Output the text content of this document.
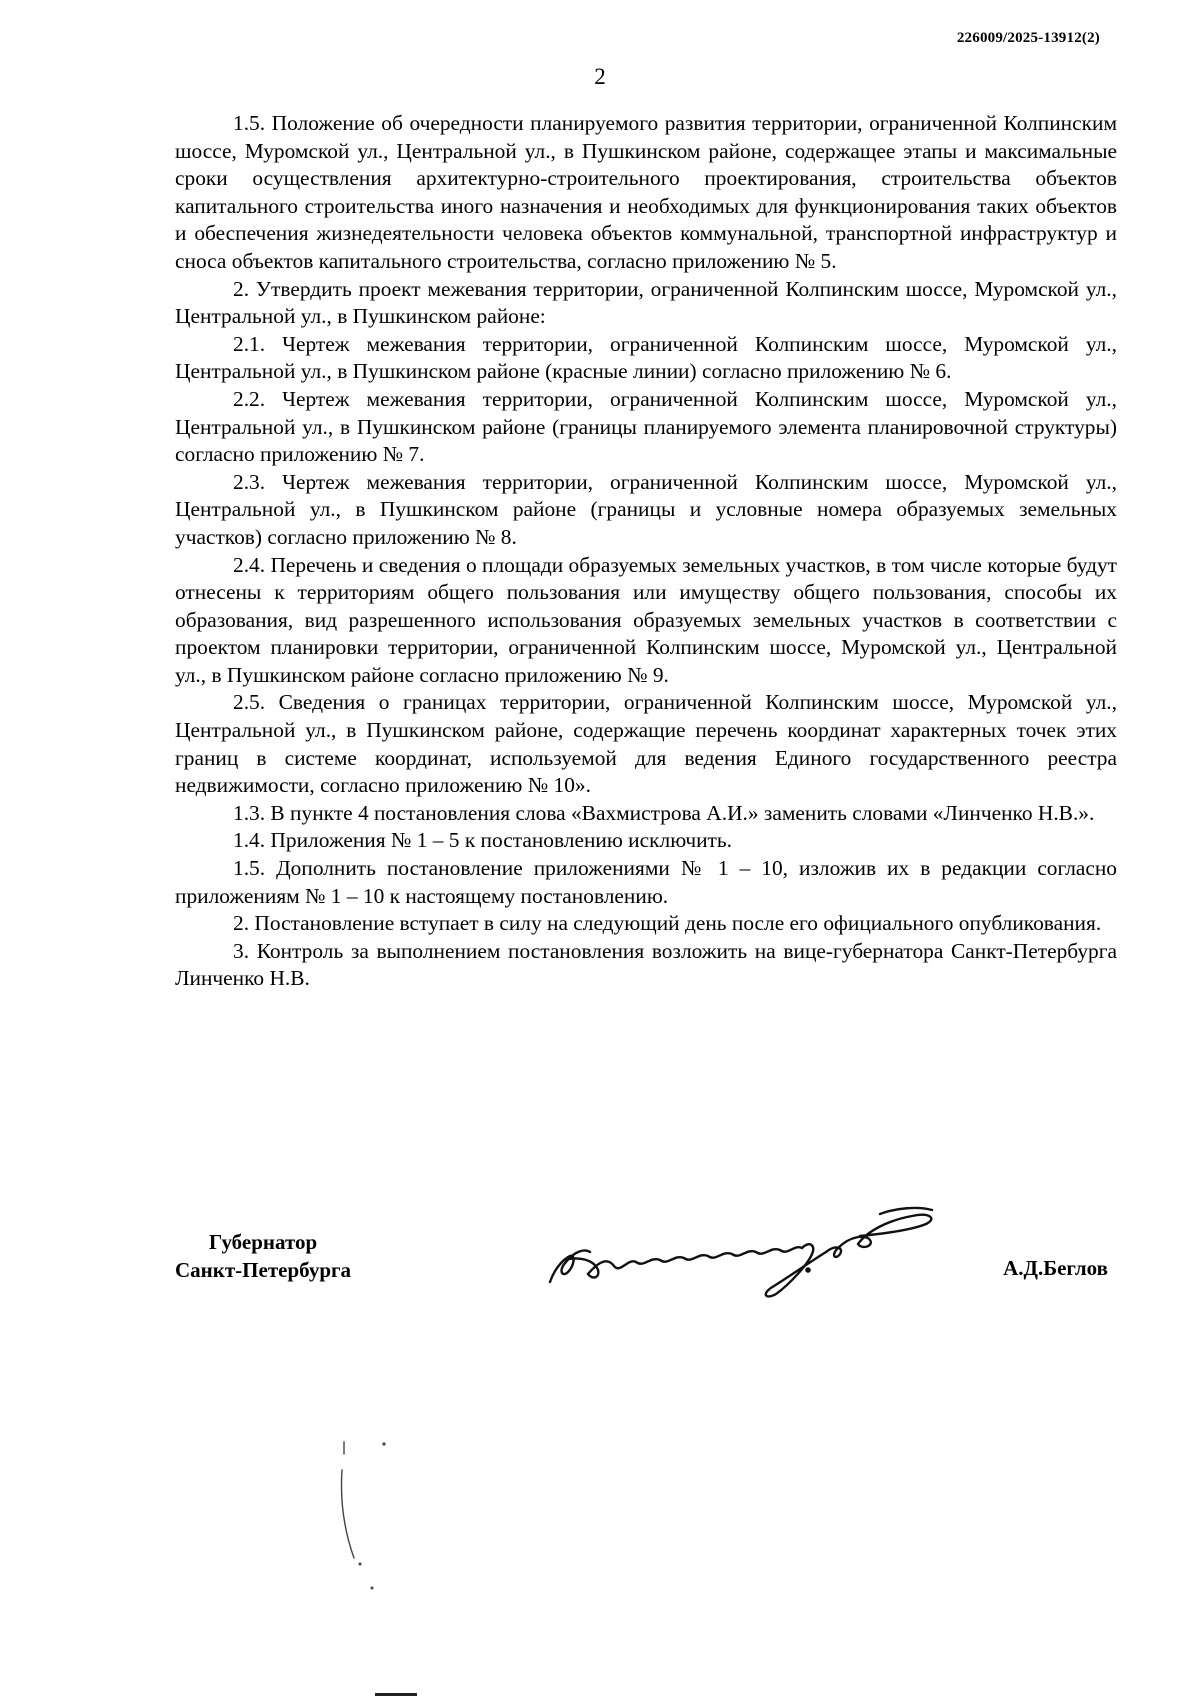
226009/2025-13912(2)
2

1.5. Положение об очередности планируемого развития территории, ограниченной Колпинским шоссе, Муромской ул., Центральной ул., в Пушкинском районе, содержащее этапы и максимальные сроки осуществления архитектурно-строительного проектирования, строительства объектов капитального строительства иного назначения и необходимых для функционирования таких объектов и обеспечения жизнедеятельности человека объектов коммунальной, транспортной инфраструктур и сноса объектов капитального строительства, согласно приложению № 5.

2. Утвердить проект межевания территории, ограниченной Колпинским шоссе, Муромской ул., Центральной ул., в Пушкинском районе:

2.1. Чертеж межевания территории, ограниченной Колпинским шоссе, Муромской ул., Центральной ул., в Пушкинском районе (красные линии) согласно приложению № 6.

2.2. Чертеж межевания территории, ограниченной Колпинским шоссе, Муромской ул., Центральной ул., в Пушкинском районе (границы планируемого элемента планировочной структуры) согласно приложению № 7.

2.3. Чертеж межевания территории, ограниченной Колпинским шоссе, Муромской ул., Центральной ул., в Пушкинском районе (границы и условные номера образуемых земельных участков) согласно приложению № 8.

2.4. Перечень и сведения о площади образуемых земельных участков, в том числе которые будут отнесены к территориям общего пользования или имуществу общего пользования, способы их образования, вид разрешенного использования образуемых земельных участков в соответствии с проектом планировки территории, ограниченной Колпинским шоссе, Муромской ул., Центральной ул., в Пушкинском районе согласно приложению № 9.

2.5. Сведения о границах территории, ограниченной Колпинским шоссе, Муромской ул., Центральной ул., в Пушкинском районе, содержащие перечень координат характерных точек этих границ в системе координат, используемой для ведения Единого государственного реестра недвижимости, согласно приложению № 10».

1.3. В пункте 4 постановления слова «Вахмистрова А.И.» заменить словами «Линченко Н.В.».

1.4. Приложения № 1 – 5 к постановлению исключить.

1.5. Дополнить постановление приложениями № 1 – 10, изложив их в редакции согласно приложениям № 1 – 10 к настоящему постановлению.

2. Постановление вступает в силу на следующий день после его официального опубликования.

3. Контроль за выполнением постановления возложить на вице-губернатора Санкт-Петербурга Линченко Н.В.

Губернатор
Санкт-Петербурга	А.Д.Беглов
